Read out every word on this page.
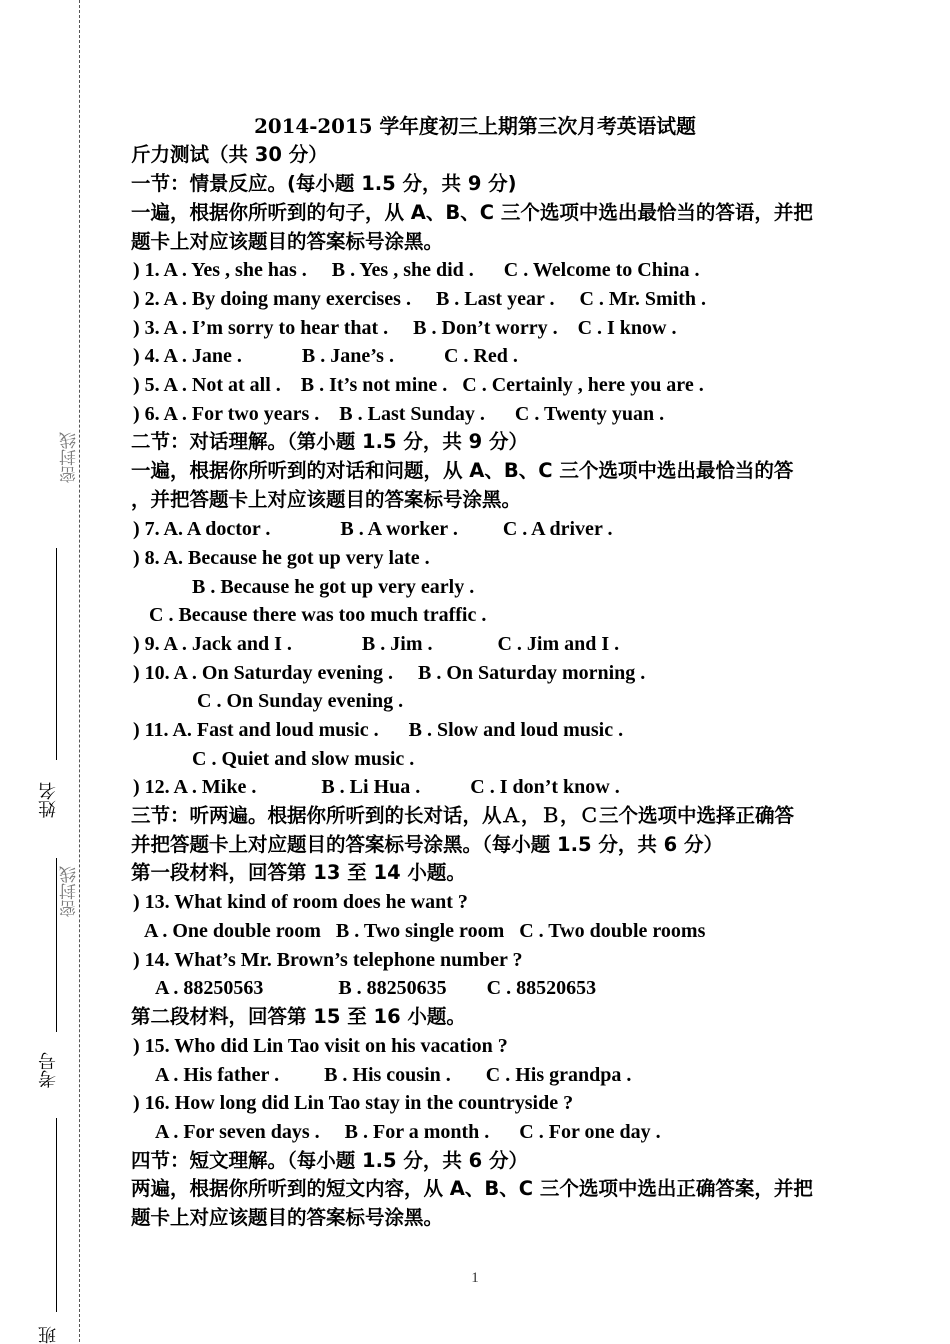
密封线
姓名
密封线
考号
班
2014-2015 学年度初三上期第三次月考英语试题
斤力测试（共 30 分）
一节：情景反应。(每小题 1.5 分，共 9 分)
一遍，根据你所听到的句子，从 A、B、C 三个选项中选出最恰当的答语，并把
题卡上对应该题目的答案标号涂黑。
) 1. A . Yes , she has .     B . Yes , she did .      C . Welcome to China .
) 2. A . By doing many exercises .     B . Last year .     C . Mr. Smith .
) 3. A . I’m sorry to hear that .     B . Don’t worry .    C . I know .
) 4. A . Jane .            B . Jane’s .          C . Red .
) 5. A . Not at all .    B . It’s not mine .   C . Certainly , here you are .
) 6. A . For two years .    B . Last Sunday .      C . Twenty yuan .
二节：对话理解。（第小题 1.5 分，共 9 分）
一遍，根据你所听到的对话和问题，从 A、B、C 三个选项中选出最恰当的答
，并把答题卡上对应该题目的答案标号涂黑。
) 7. A. A doctor .              B . A worker .         C . A driver .
) 8. A. Because he got up very late .
B . Because he got up very early .
C . Because there was too much traffic .
) 9. A . Jack and I .              B . Jim .             C . Jim and I .
) 10. A . On Saturday evening .     B . On Saturday morning .
C . On Sunday evening .
) 11. A. Fast and loud music .      B . Slow and loud music .
C . Quiet and slow music .
) 12. A . Mike .             B . Li Hua .          C . I don’t know .
三节：听两遍。根据你所听到的长对话，从Ａ，Ｂ，Ｃ三个选项中选择正确答
并把答题卡上对应题目的答案标号涂黑。（每小题 1.5 分，共 6 分）
第一段材料，回答第 13 至 14 小题。
) 13. What kind of room does he want ?
A . One double room   B . Two single room   C . Two double rooms
) 14. What’s Mr. Brown’s telephone number ?
A . 88250563               B . 88250635        C . 88520653
第二段材料，回答第 15 至 16 小题。
) 15. Who did Lin Tao visit on his vacation ?
A . His father .         B . His cousin .       C . His grandpa .
) 16. How long did Lin Tao stay in the countryside ?
A . For seven days .     B . For a month .      C . For one day .
四节：短文理解。（每小题 1.5 分，共 6 分）
两遍，根据你所听到的短文内容，从 A、B、C 三个选项中选出正确答案，并把
题卡上对应该题目的答案标号涂黑。
1
